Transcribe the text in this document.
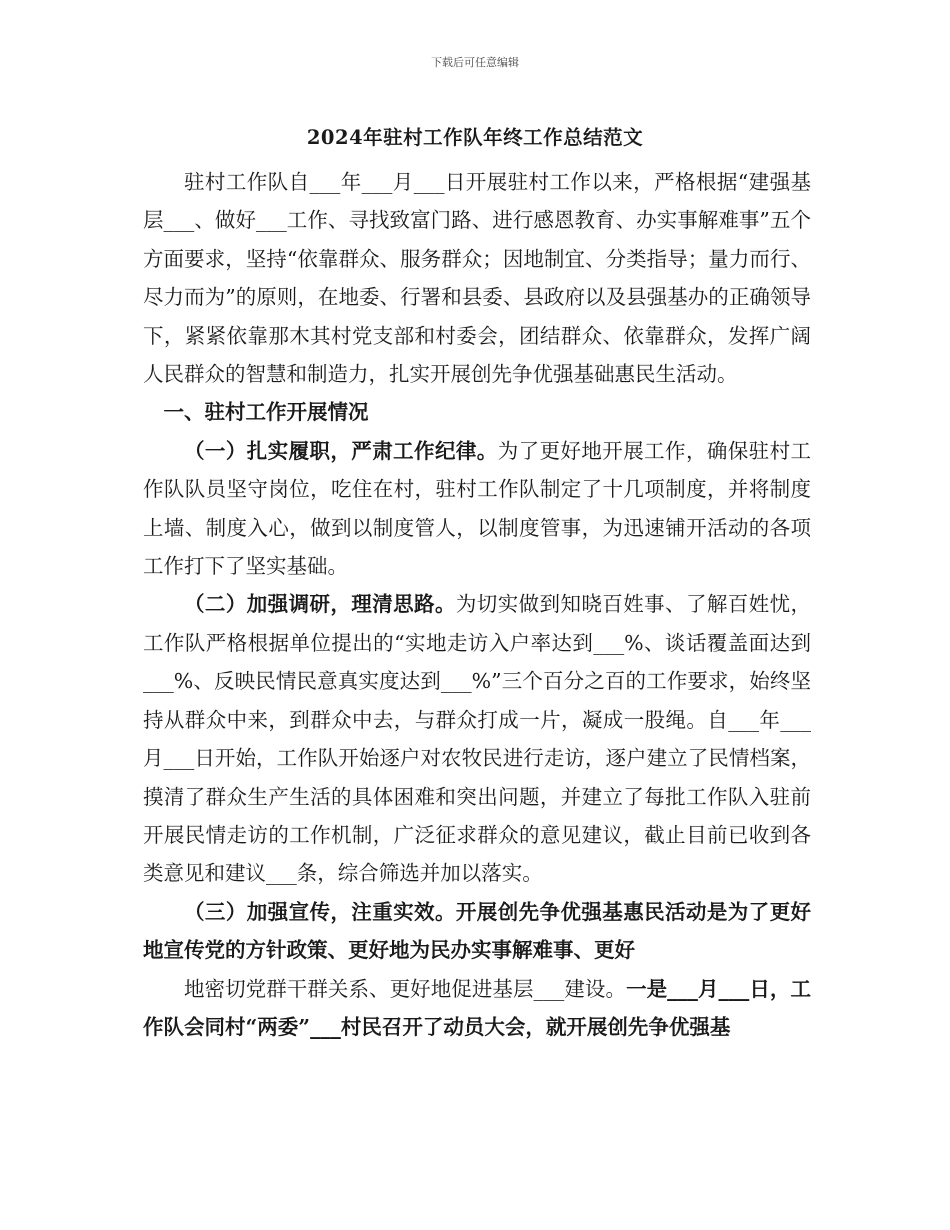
下载后可任意编辑
2024年驻村工作队年终工作总结范文

驻村工作队自___年___月___日开展驻村工作以来，严格根据“建强基层___、做好___工作、寻找致富门路、进行感恩教育、办实事解难事”五个方面要求，坚持“依靠群众、服务群众；因地制宜、分类指导；量力而行、尽力而为”的原则，在地委、行署和县委、县政府以及县强基办的正确领导下，紧紧依靠那木其村党支部和村委会，团结群众、依靠群众，发挥广阔人民群众的智慧和制造力，扎实开展创先争优强基础惠民生活动。

一、驻村工作开展情况

（一）扎实履职，严肃工作纪律。为了更好地开展工作，确保驻村工作队队员坚守岗位，吃住在村，驻村工作队制定了十几项制度，并将制度上墙、制度入心，做到以制度管人，以制度管事，为迅速铺开活动的各项工作打下了坚实基础。

（二）加强调研，理清思路。为切实做到知晓百姓事、了解百姓忧，工作队严格根据单位提出的“实地走访入户率达到___%、谈话覆盖面达到___%、反映民情民意真实度达到___%”三个百分之百的工作要求，始终坚持从群众中来，到群众中去，与群众打成一片，凝成一股绳。自___年___月___日开始，工作队开始逐户对农牧民进行走访，逐户建立了民情档案，摸清了群众生产生活的具体困难和突出问题，并建立了每批工作队入驻前开展民情走访的工作机制，广泛征求群众的意见建议，截止目前已收到各类意见和建议___条，综合筛选并加以落实。

（三）加强宣传，注重实效。开展创先争优强基惠民活动是为了更好地宣传党的方针政策、更好地为民办实事解难事、更好

地密切党群干群关系、更好地促进基层___建设。一是___月___日，工作队会同村“两委”___村民召开了动员大会，就开展创先争优强基
